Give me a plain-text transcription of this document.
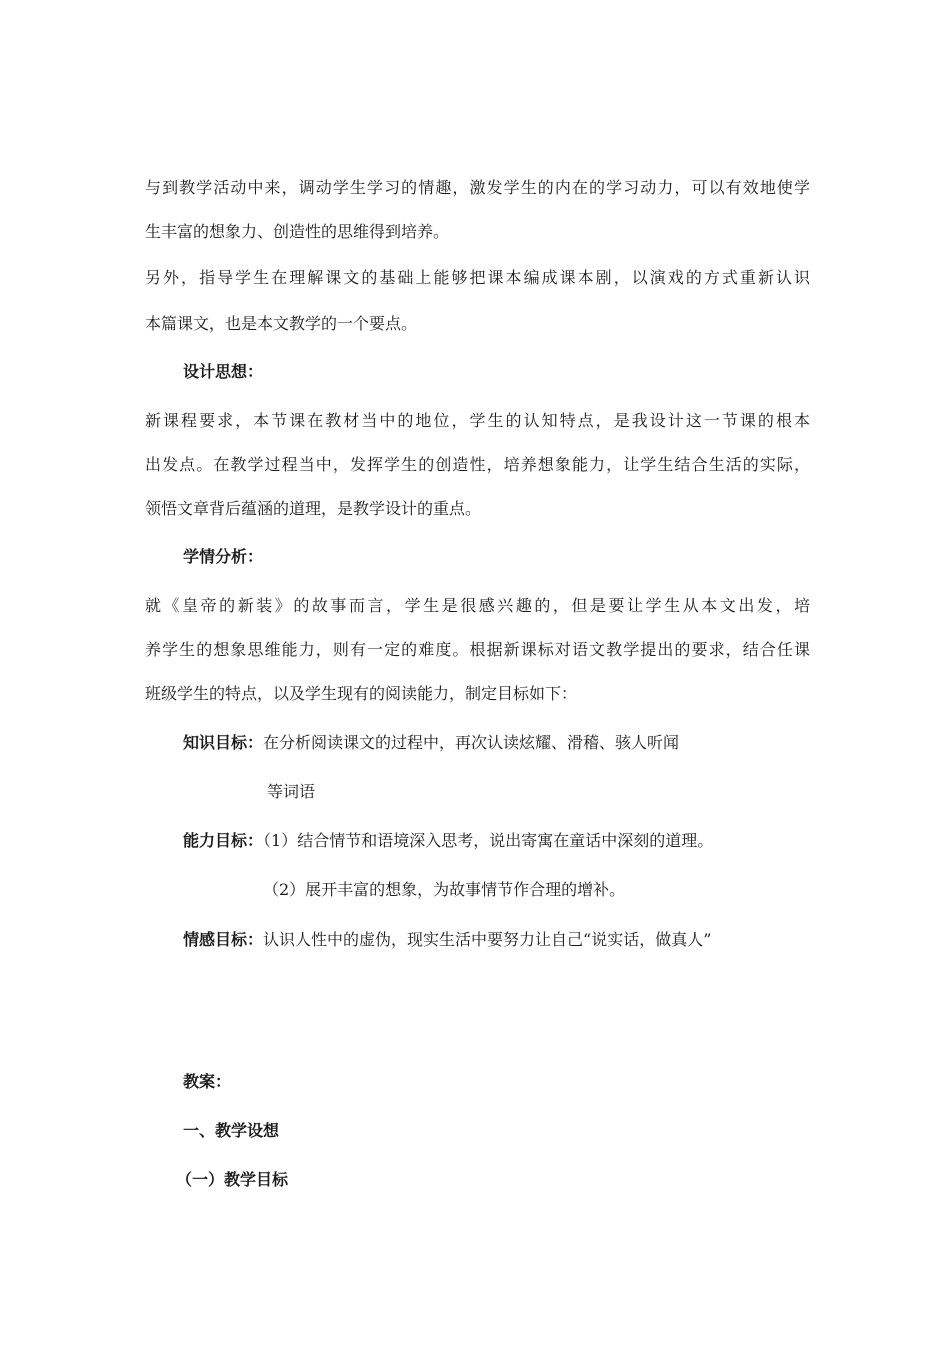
与到教学活动中来，调动学生学习的情趣，激发学生的内在的学习动力，可以有效地使学
生丰富的想象力、创造性的思维得到培养。
另外，指导学生在理解课文的基础上能够把课本编成课本剧，以演戏的方式重新认识
本篇课文，也是本文教学的一个要点。
设计思想：
新课程要求，本节课在教材当中的地位，学生的认知特点，是我设计这一节课的根本
出发点。在教学过程当中，发挥学生的创造性，培养想象能力，让学生结合生活的实际，
领悟文章背后蕴涵的道理，是教学设计的重点。
学情分析：
就《皇帝的新装》的故事而言，学生是很感兴趣的，但是要让学生从本文出发，培
养学生的想象思维能力，则有一定的难度。根据新课标对语文教学提出的要求，结合任课
班级学生的特点，以及学生现有的阅读能力，制定目标如下：
知识目标：在分析阅读课文的过程中，再次认读炫耀、滑稽、骇人听闻
等词语
能力目标：（1）结合情节和语境深入思考，说出寄寓在童话中深刻的道理。
（2）展开丰富的想象，为故事情节作合理的增补。
情感目标：认识人性中的虚伪，现实生活中要努力让自己“说实话，做真人”
教案：
一、教学设想
（一）教学目标
